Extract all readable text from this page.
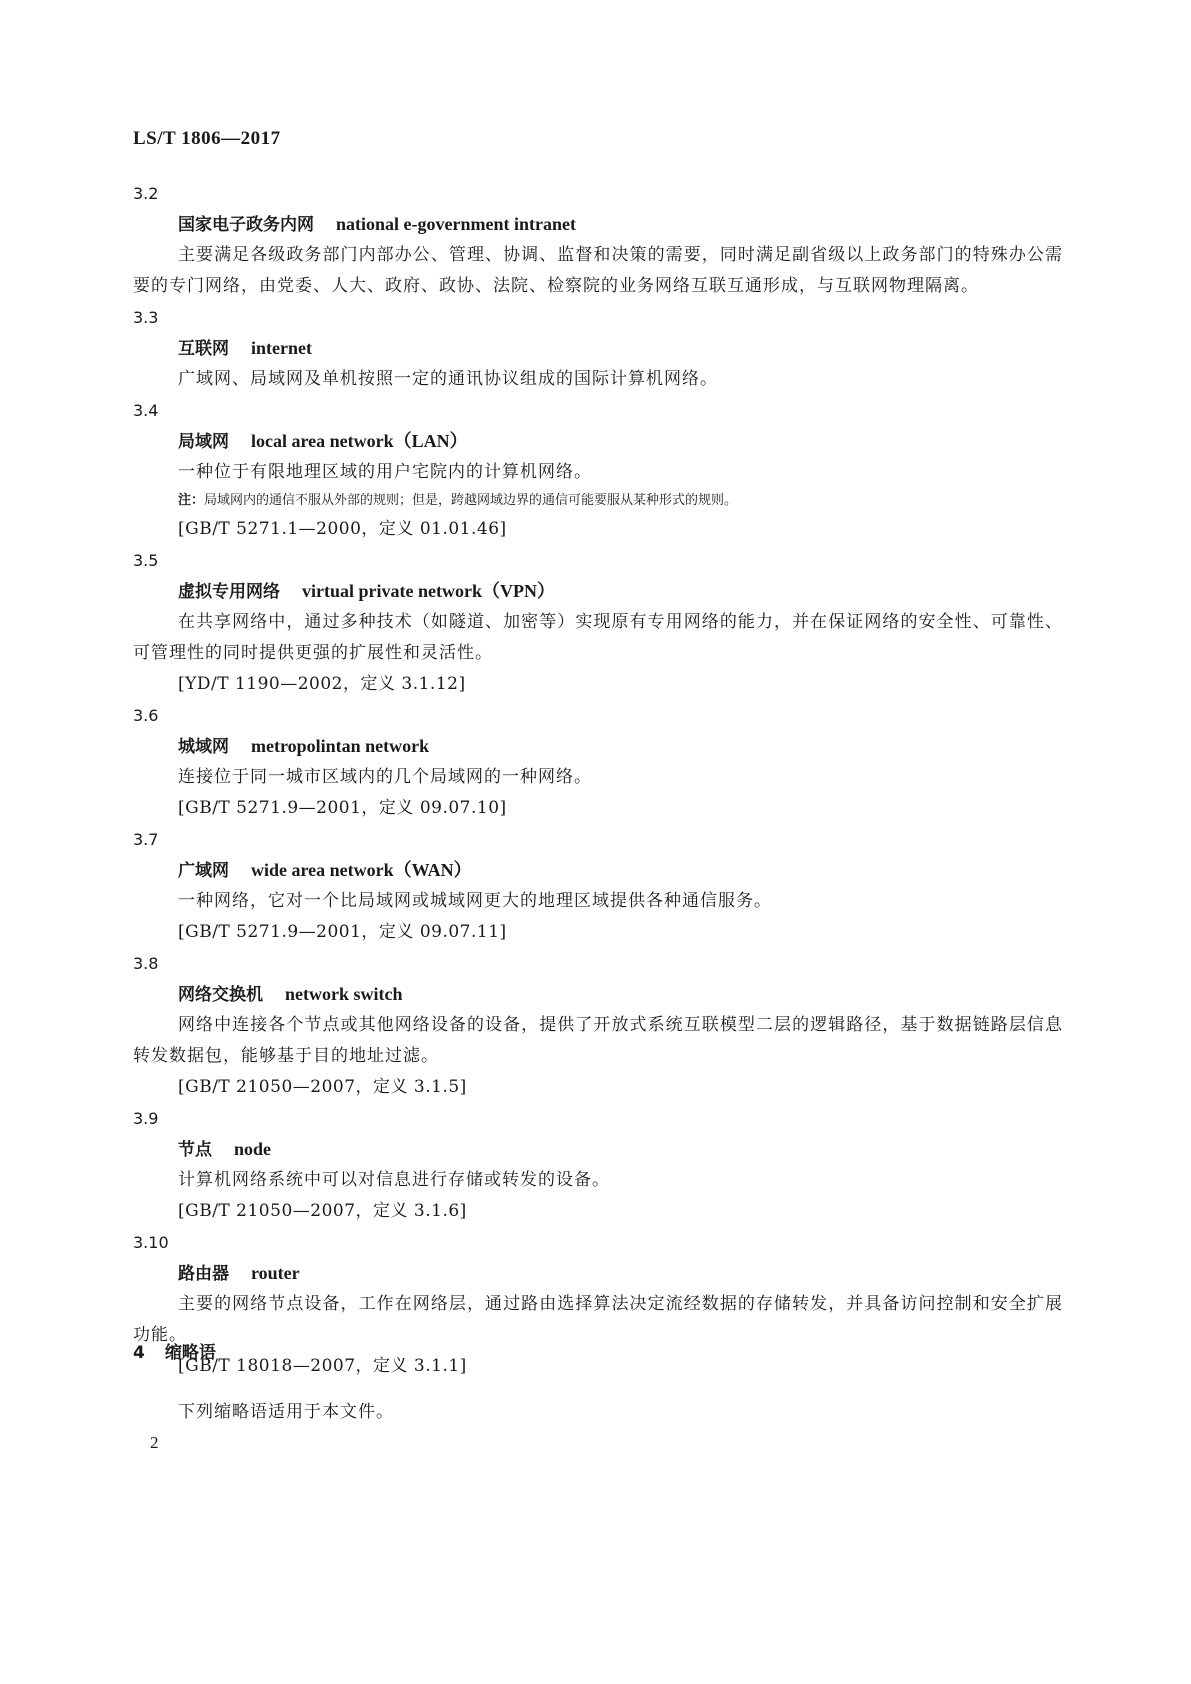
LS/T 1806—2017
3.2
国家电子政务内网 national e-government intranet
主要满足各级政务部门内部办公、管理、协调、监督和决策的需要，同时满足副省级以上政务部门的特殊办公需要的专门网络，由党委、人大、政府、政协、法院、检察院的业务网络互联互通形成，与互联网物理隔离。
3.3
互联网 internet
广域网、局域网及单机按照一定的通讯协议组成的国际计算机网络。
3.4
局域网 local area network（LAN）
一种位于有限地理区域的用户宅院内的计算机网络。
注：局域网内的通信不服从外部的规则；但是，跨越网域边界的通信可能要服从某种形式的规则。
[GB/T 5271.1—2000，定义 01.01.46]
3.5
虚拟专用网络 virtual private network（VPN）
在共享网络中，通过多种技术（如隧道、加密等）实现原有专用网络的能力，并在保证网络的安全性、可靠性、可管理性的同时提供更强的扩展性和灵活性。
[YD/T 1190—2002，定义 3.1.12]
3.6
城域网 metropolintan network
连接位于同一城市区域内的几个局域网的一种网络。
[GB/T 5271.9—2001，定义 09.07.10]
3.7
广域网 wide area network（WAN）
一种网络，它对一个比局域网或城域网更大的地理区域提供各种通信服务。
[GB/T 5271.9—2001，定义 09.07.11]
3.8
网络交换机 network switch
网络中连接各个节点或其他网络设备的设备，提供了开放式系统互联模型二层的逻辑路径，基于数据链路层信息转发数据包，能够基于目的地址过滤。
[GB/T 21050—2007，定义 3.1.5]
3.9
节点 node
计算机网络系统中可以对信息进行存储或转发的设备。
[GB/T 21050—2007，定义 3.1.6]
3.10
路由器 router
主要的网络节点设备，工作在网络层，通过路由选择算法决定流经数据的存储转发，并具备访问控制和安全扩展功能。
[GB/T 18018—2007，定义 3.1.1]
4 缩略语
下列缩略语适用于本文件。
2
